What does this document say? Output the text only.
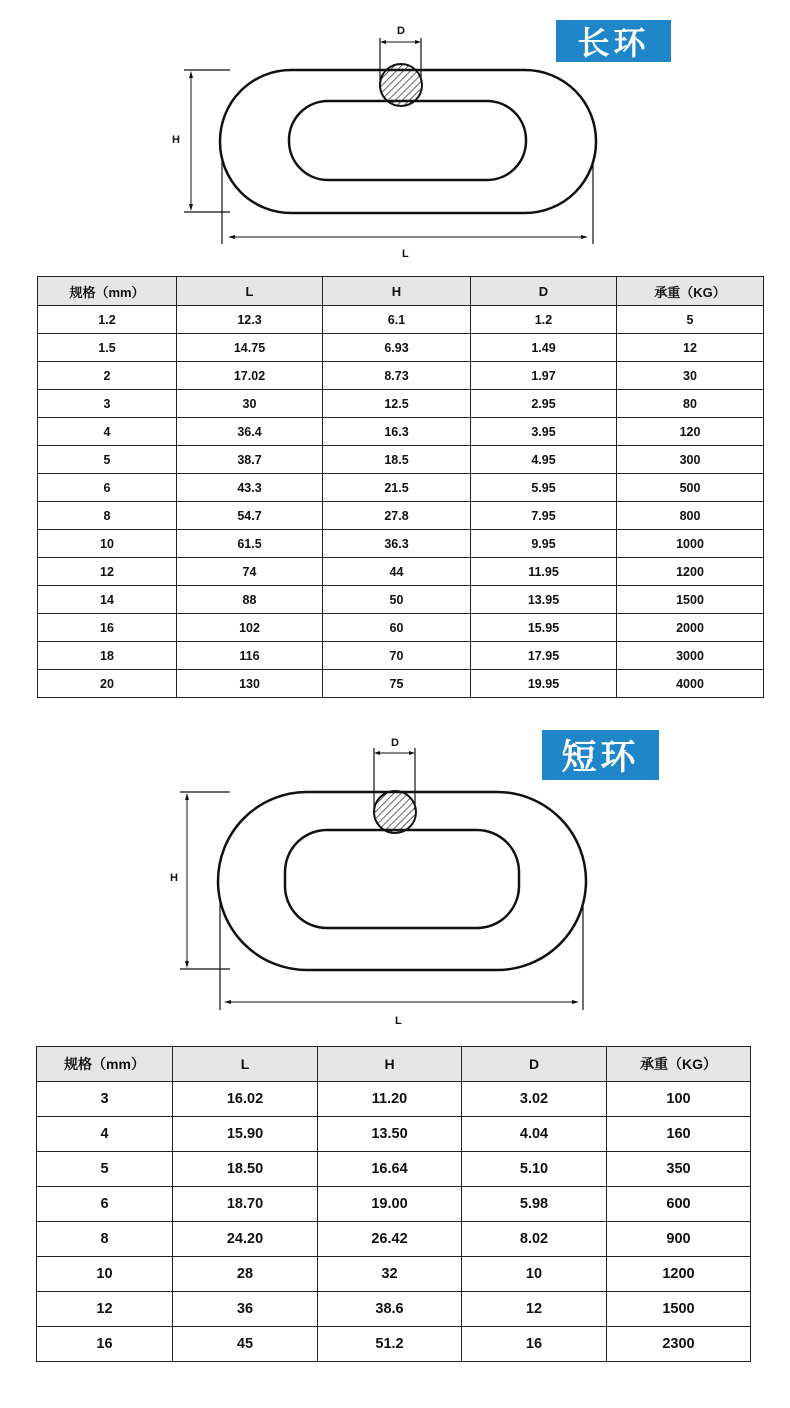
长环
D
H
L
规格（mm）	L	H	D	承重（KG）
1.2	12.3	6.1	1.2	5
1.5	14.75	6.93	1.49	12
2	17.02	8.73	1.97	30
3	30	12.5	2.95	80
4	36.4	16.3	3.95	120
5	38.7	18.5	4.95	300
6	43.3	21.5	5.95	500
8	54.7	27.8	7.95	800
10	61.5	36.3	9.95	1000
12	74	44	11.95	1200
14	88	50	13.95	1500
16	102	60	15.95	2000
18	116	70	17.95	3000
20	130	75	19.95	4000
短环
D
H
L
规格（mm）	L	H	D	承重（KG）
3	16.02	11.20	3.02	100
4	15.90	13.50	4.04	160
5	18.50	16.64	5.10	350
6	18.70	19.00	5.98	600
8	24.20	26.42	8.02	900
10	28	32	10	1200
12	36	38.6	12	1500
16	45	51.2	16	2300
